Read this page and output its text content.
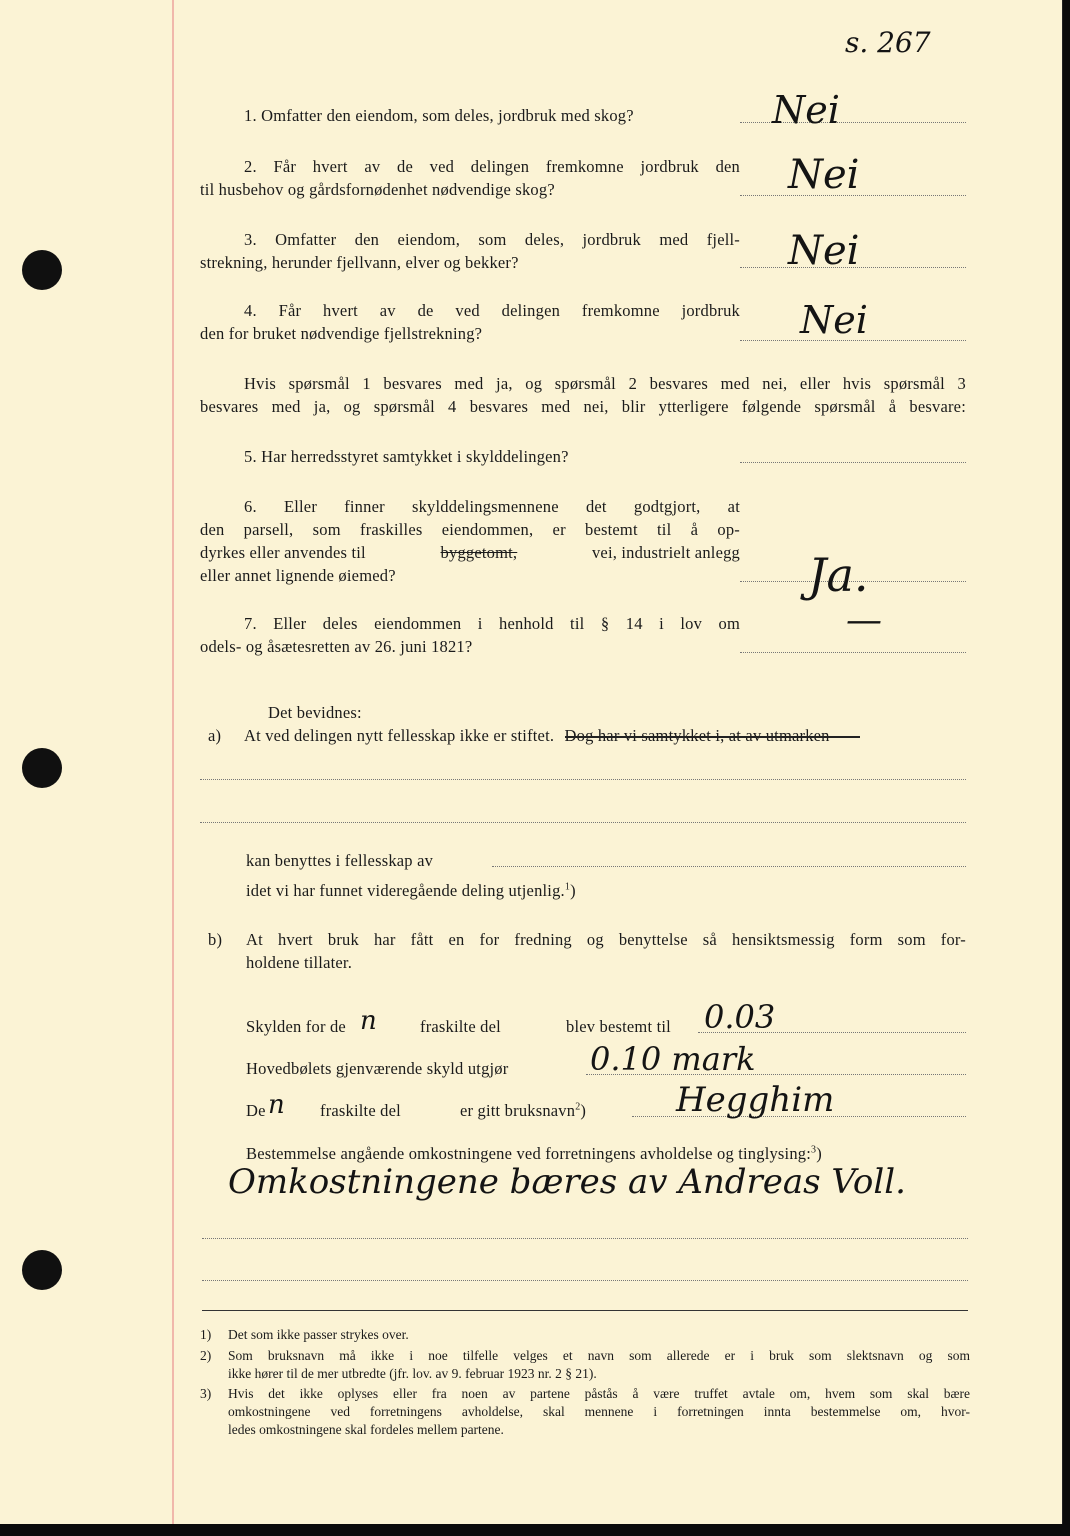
s. 267
1. Omfatter den eiendom, som deles, jordbruk med skog?	Nei
2. Får hvert av de ved delingen fremkomne jordbruk den
til husbehov og gårdsfornødenhet nødvendige skog?	Nei
3. Omfatter den eiendom, som deles, jordbruk med fjell-
strekning, herunder fjellvann, elver og bekker?	Nei
4. Får hvert av de ved delingen fremkomne jordbruk
den for bruket nødvendige fjellstrekning?	Nei
Hvis spørsmål 1 besvares med ja, og spørsmål 2 besvares med nei, eller hvis spørsmål 3
besvares med ja, og spørsmål 4 besvares med nei, blir ytterligere følgende spørsmål å besvare:
5. Har herredsstyret samtykket i skylddelingen?
6. Eller finner skylddelingsmennene det godtgjort, at
den parsell, som fraskilles eiendommen, er bestemt til å op-
dyrkes eller anvendes til	byggetomt,	vei, industrielt anlegg
eller annet lignende øiemed?	Ja.
7. Eller deles eiendommen i henhold til § 14 i lov om
odels- og åsætesretten av 26. juni 1821?
—
Det bevidnes:
a) At ved delingen nytt fellesskap ikke er stiftet. Dog har vi samtykket i, at av utmarken
kan benyttes i fellesskap av
idet vi har funnet videregående deling utjenlig.$^1$)
b) At hvert bruk har fått en for fredning og benyttelse så hensiktsmessig form som for-
holdene tillater.
Skylden for de n	fraskilte del	blev bestemt til 0.03
Hovedbølets gjenværende skyld utgjør	0.10 mark
De n fraskilte del	er gitt bruksnavn$^2$)	Hegghim
Bestemmelse angående omkostningene ved forretningens avholdelse og tinglysing:$^3$)
Omkostningene bæres av Andreas Voll.
1) Det som ikke passer strykes over.
2) Som bruksnavn må ikke i noe tilfelle velges et navn som allerede er i bruk som slektsnavn og som
ikke hører til de mer utbredte (jfr. lov. av 9. februar 1923 nr. 2 § 21).
3) Hvis det ikke oplyses eller fra noen av partene påstås å være truffet avtale om, hvem som skal bære
omkostningene ved forretningens avholdelse, skal mennene i forretningen innta bestemmelse om, hvor-
ledes omkostningene skal fordeles mellem partene.
